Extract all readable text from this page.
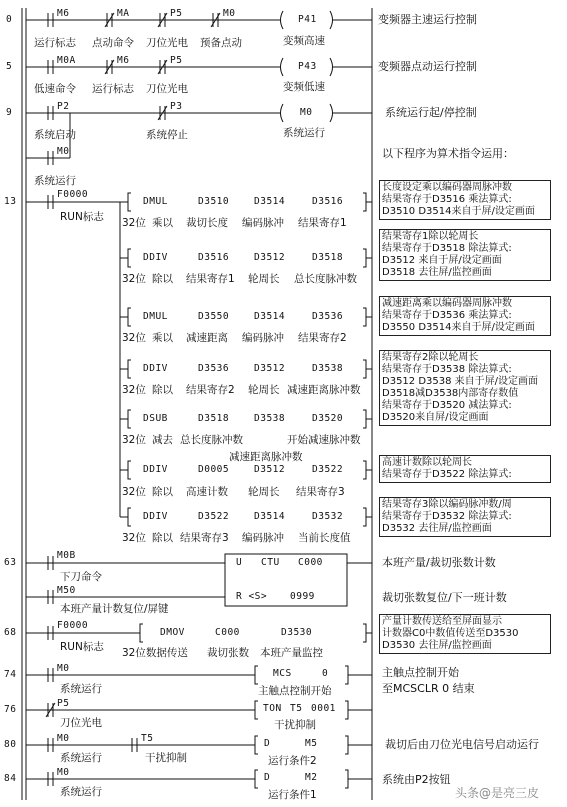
0
5
9
13
63
68
74
76
80
84
M6	MA	P5	M0
运行标志 点动命令 刀位光电 预备点动
P41
变频高速
变频器主速运行控制
M0A	M6	P5
低速命令 运行标志 刀位光电
P43
变频低速
变频器点动运行控制
P2	P3
系统启动	系统停止
M0
系统运行
M0
系统运行
系统运行起/停控制
以下程序为算术指令运用：
F0000
RUN标志
DMUL	D3510	D3514	D3516
32位 乘以 裁切长度 编码脉冲 结果寄存1
DDIV	D3516	D3512	D3518
32位 除以 结果寄存1 轮周长 总长度脉冲数
DMUL	D3550	D3514	D3536
32位 乘以 减速距离 编码脉冲 结果寄存2
DDIV	D3536	D3512	D3538
32位 除以 结果寄存2 轮周长 减速距离脉冲数
DSUB	D3518	D3538	D3520
32位 减去 总长度脉冲数	开始减速脉冲数
减速距离脉冲数
DDIV	D0005	D3512	D3522
32位 除以 高速计数 轮周长 结果寄存3
DDIV	D3522	D3514	D3532
32位 除以 结果寄存3 编码脉冲 当前长度值
长度设定乘以编码器周脉冲数
结果寄存于D3516 乘法算式:
D3510 D3514来自于屏/设定画面
结果寄存1除以轮周长
结果寄存于D3518 除法算式:
D3512 来自于屏/设定画面
D3518 去往屏/监控画面
减速距离乘以编码器周脉冲数
结果寄存于D3536 乘法算式:
D3550 D3514来自于屏/设定画面
结果寄存2除以轮周长
结果寄存于D3538 除法算式:
D3512 D3538 来自于屏/设定画面
D3518减D3538内部寄存数值
结果寄存于D3520 减法算式:
D3520来自屏/设定画面
高速计数除以轮周长
结果寄存于D3522 除法算式:
结果寄存3除以编码脉冲数/周
结果寄存于D3532 除法算式:
D3532 去往屏/监控画面
M0B
下刀命令
M50
本班产量计数复位/屏键
U CTU C000
R <S> 0999
本班产量/裁切张数计数
裁切张数复位/下一班计数
F0000
RUN标志
DMOV	C000	D3530
32位数据传送 裁切张数 本班产量监控
产量计数传送给至屏面显示
计数器C0中数值传送至D3530
D3530 去往屏/监控画面
M0
系统运行
MCS	0
主触点控制开始
主触点控制开始
至MCSCLR 0 结束
P5
刀位光电
TON T5 0001
干扰抑制
M0
系统运行
T5
干扰抑制
D	M5
运行条件2
裁切后由刀位光电信号启动运行
M0
系统运行
D	M2
运行条件1
系统由P2按钮
头条@是亮三皮
